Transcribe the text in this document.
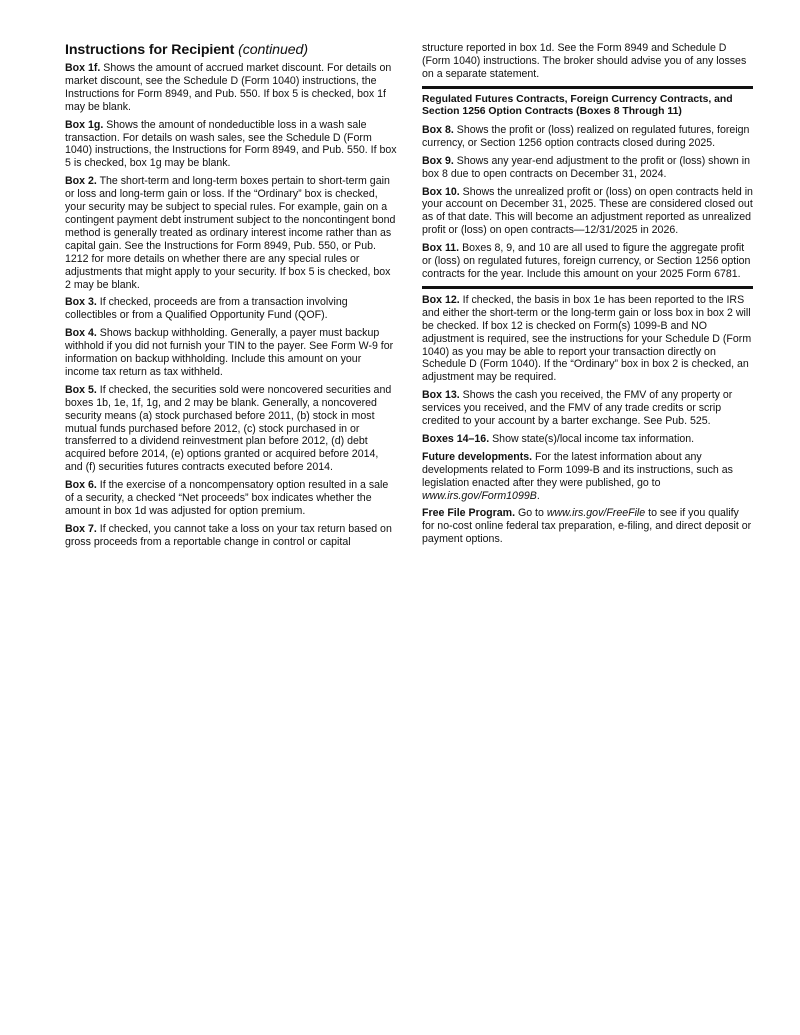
Instructions for Recipient (continued)

Box 1f. Shows the amount of accrued market discount. For details on market discount, see the Schedule D (Form 1040) instructions, the Instructions for Form 8949, and Pub. 550. If box 5 is checked, box 1f may be blank.

Box 1g. Shows the amount of nondeductible loss in a wash sale transaction. For details on wash sales, see the Schedule D (Form 1040) instructions, the Instructions for Form 8949, and Pub. 550. If box 5 is checked, box 1g may be blank.

Box 2. The short-term and long-term boxes pertain to short-term gain or loss and long-term gain or loss. If the “Ordinary” box is checked, your security may be subject to special rules. For example, gain on a contingent payment debt instrument subject to the noncontingent bond method is generally treated as ordinary interest income rather than as capital gain. See the Instructions for Form 8949, Pub. 550, or Pub. 1212 for more details on whether there are any special rules or adjustments that might apply to your security. If box 5 is checked, box 2 may be blank.

Box 3. If checked, proceeds are from a transaction involving collectibles or from a Qualified Opportunity Fund (QOF).

Box 4. Shows backup withholding. Generally, a payer must backup withhold if you did not furnish your TIN to the payer. See Form W-9 for information on backup withholding. Include this amount on your income tax return as tax withheld.

Box 5. If checked, the securities sold were noncovered securities and boxes 1b, 1e, 1f, 1g, and 2 may be blank. Generally, a noncovered security means (a) stock purchased before 2011, (b) stock in most mutual funds purchased before 2012, (c) stock purchased in or transferred to a dividend reinvestment plan before 2012, (d) debt acquired before 2014, (e) options granted or acquired before 2014, and (f) securities futures contracts executed before 2014.

Box 6. If the exercise of a noncompensatory option resulted in a sale of a security, a checked “Net proceeds” box indicates whether the amount in box 1d was adjusted for option premium.

Box 7. If checked, you cannot take a loss on your tax return based on gross proceeds from a reportable change in control or capital

structure reported in box 1d. See the Form 8949 and Schedule D (Form 1040) instructions. The broker should advise you of any losses on a separate statement.

Regulated Futures Contracts, Foreign Currency Contracts, and Section 1256 Option Contracts (Boxes 8 Through 11)

Box 8. Shows the profit or (loss) realized on regulated futures, foreign currency, or Section 1256 option contracts closed during 2025.

Box 9. Shows any year-end adjustment to the profit or (loss) shown in box 8 due to open contracts on December 31, 2024.

Box 10. Shows the unrealized profit or (loss) on open contracts held in your account on December 31, 2025. These are considered closed out as of that date. This will become an adjustment reported as unrealized profit or (loss) on open contracts—12/31/2025 in 2026.

Box 11. Boxes 8, 9, and 10 are all used to figure the aggregate profit or (loss) on regulated futures, foreign currency, or Section 1256 option contracts for the year. Include this amount on your 2025 Form 6781.

Box 12. If checked, the basis in box 1e has been reported to the IRS and either the short-term or the long-term gain or loss box in box 2 will be checked. If box 12 is checked on Form(s) 1099-B and NO adjustment is required, see the instructions for your Schedule D (Form 1040) as you may be able to report your transaction directly on Schedule D (Form 1040). If the “Ordinary” box in box 2 is checked, an adjustment may be required.

Box 13. Shows the cash you received, the FMV of any property or services you received, and the FMV of any trade credits or scrip credited to your account by a barter exchange. See Pub. 525.

Boxes 14–16. Show state(s)/local income tax information.

Future developments. For the latest information about any developments related to Form 1099-B and its instructions, such as legislation enacted after they were published, go to www.irs.gov/Form1099B.

Free File Program. Go to www.irs.gov/FreeFile to see if you qualify for no-cost online federal tax preparation, e-filing, and direct deposit or payment options.
